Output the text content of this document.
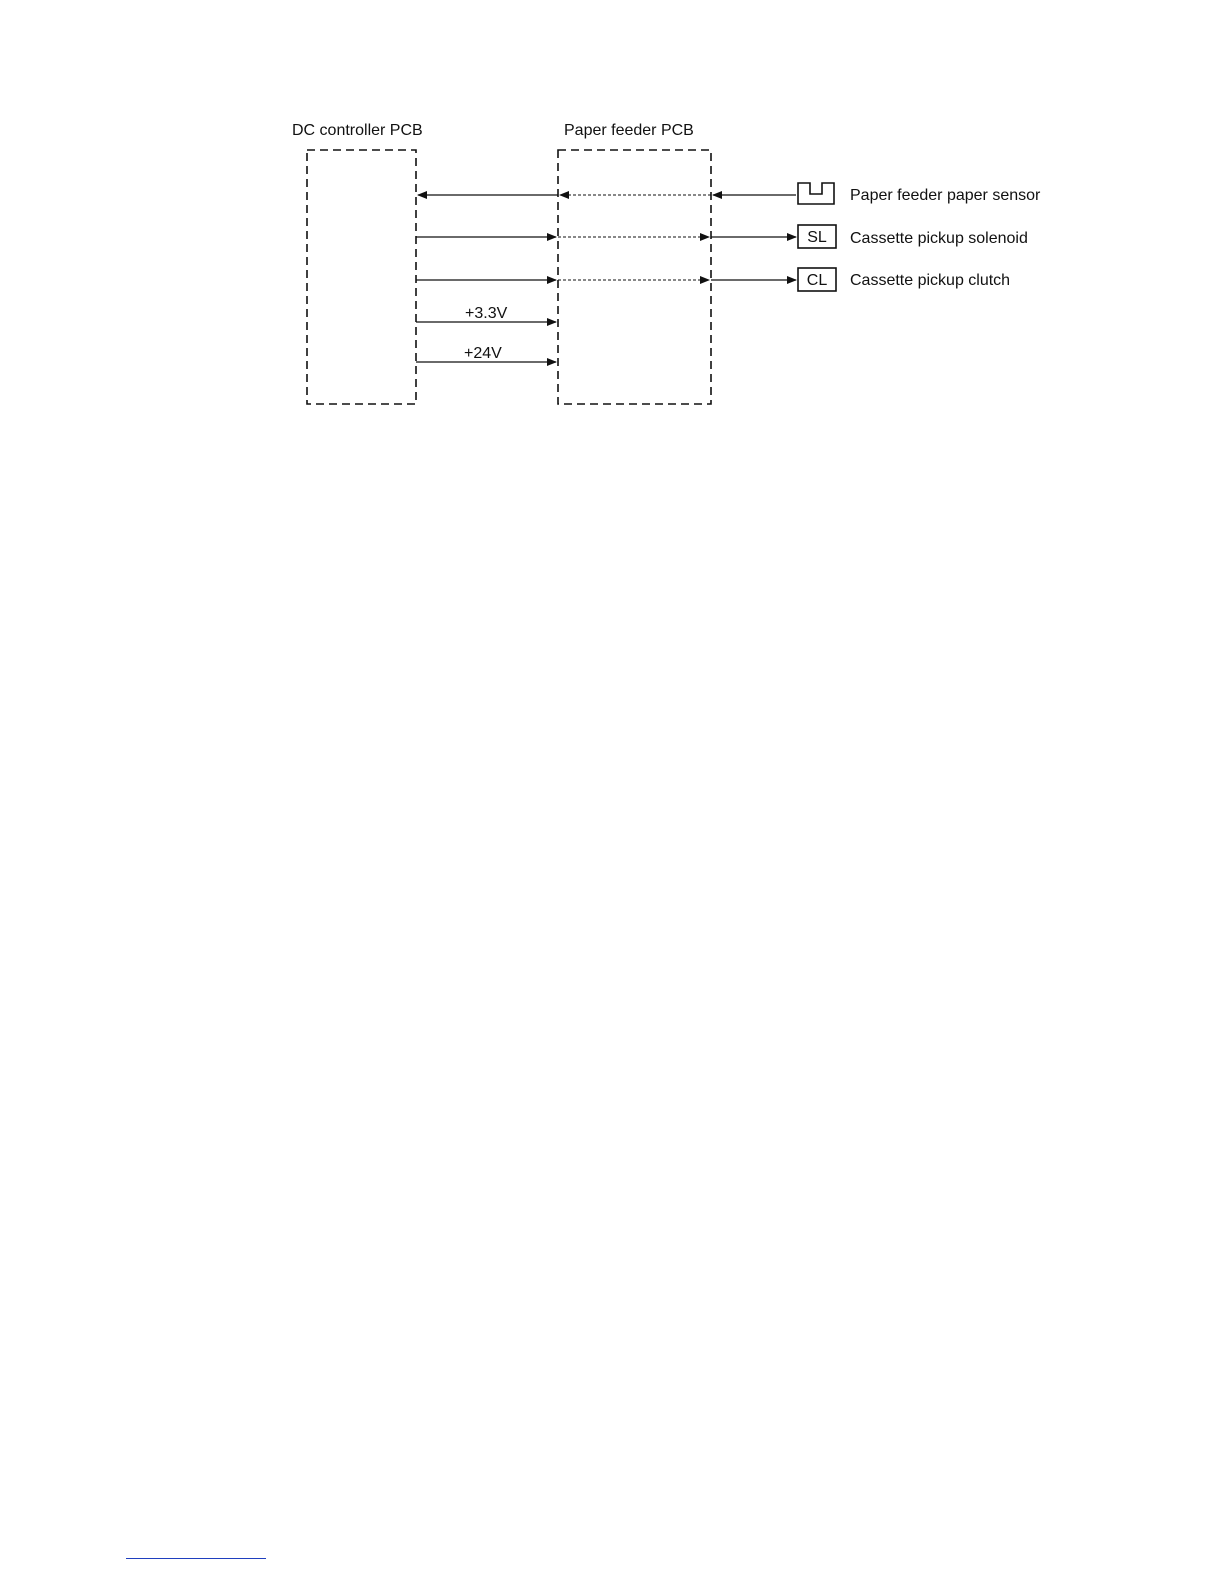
DC controller PCB	Paper feeder PCB
+3.3V
+24V
Paper feeder paper sensor
SL Cassette pickup solenoid
CL Cassette pickup clutch
